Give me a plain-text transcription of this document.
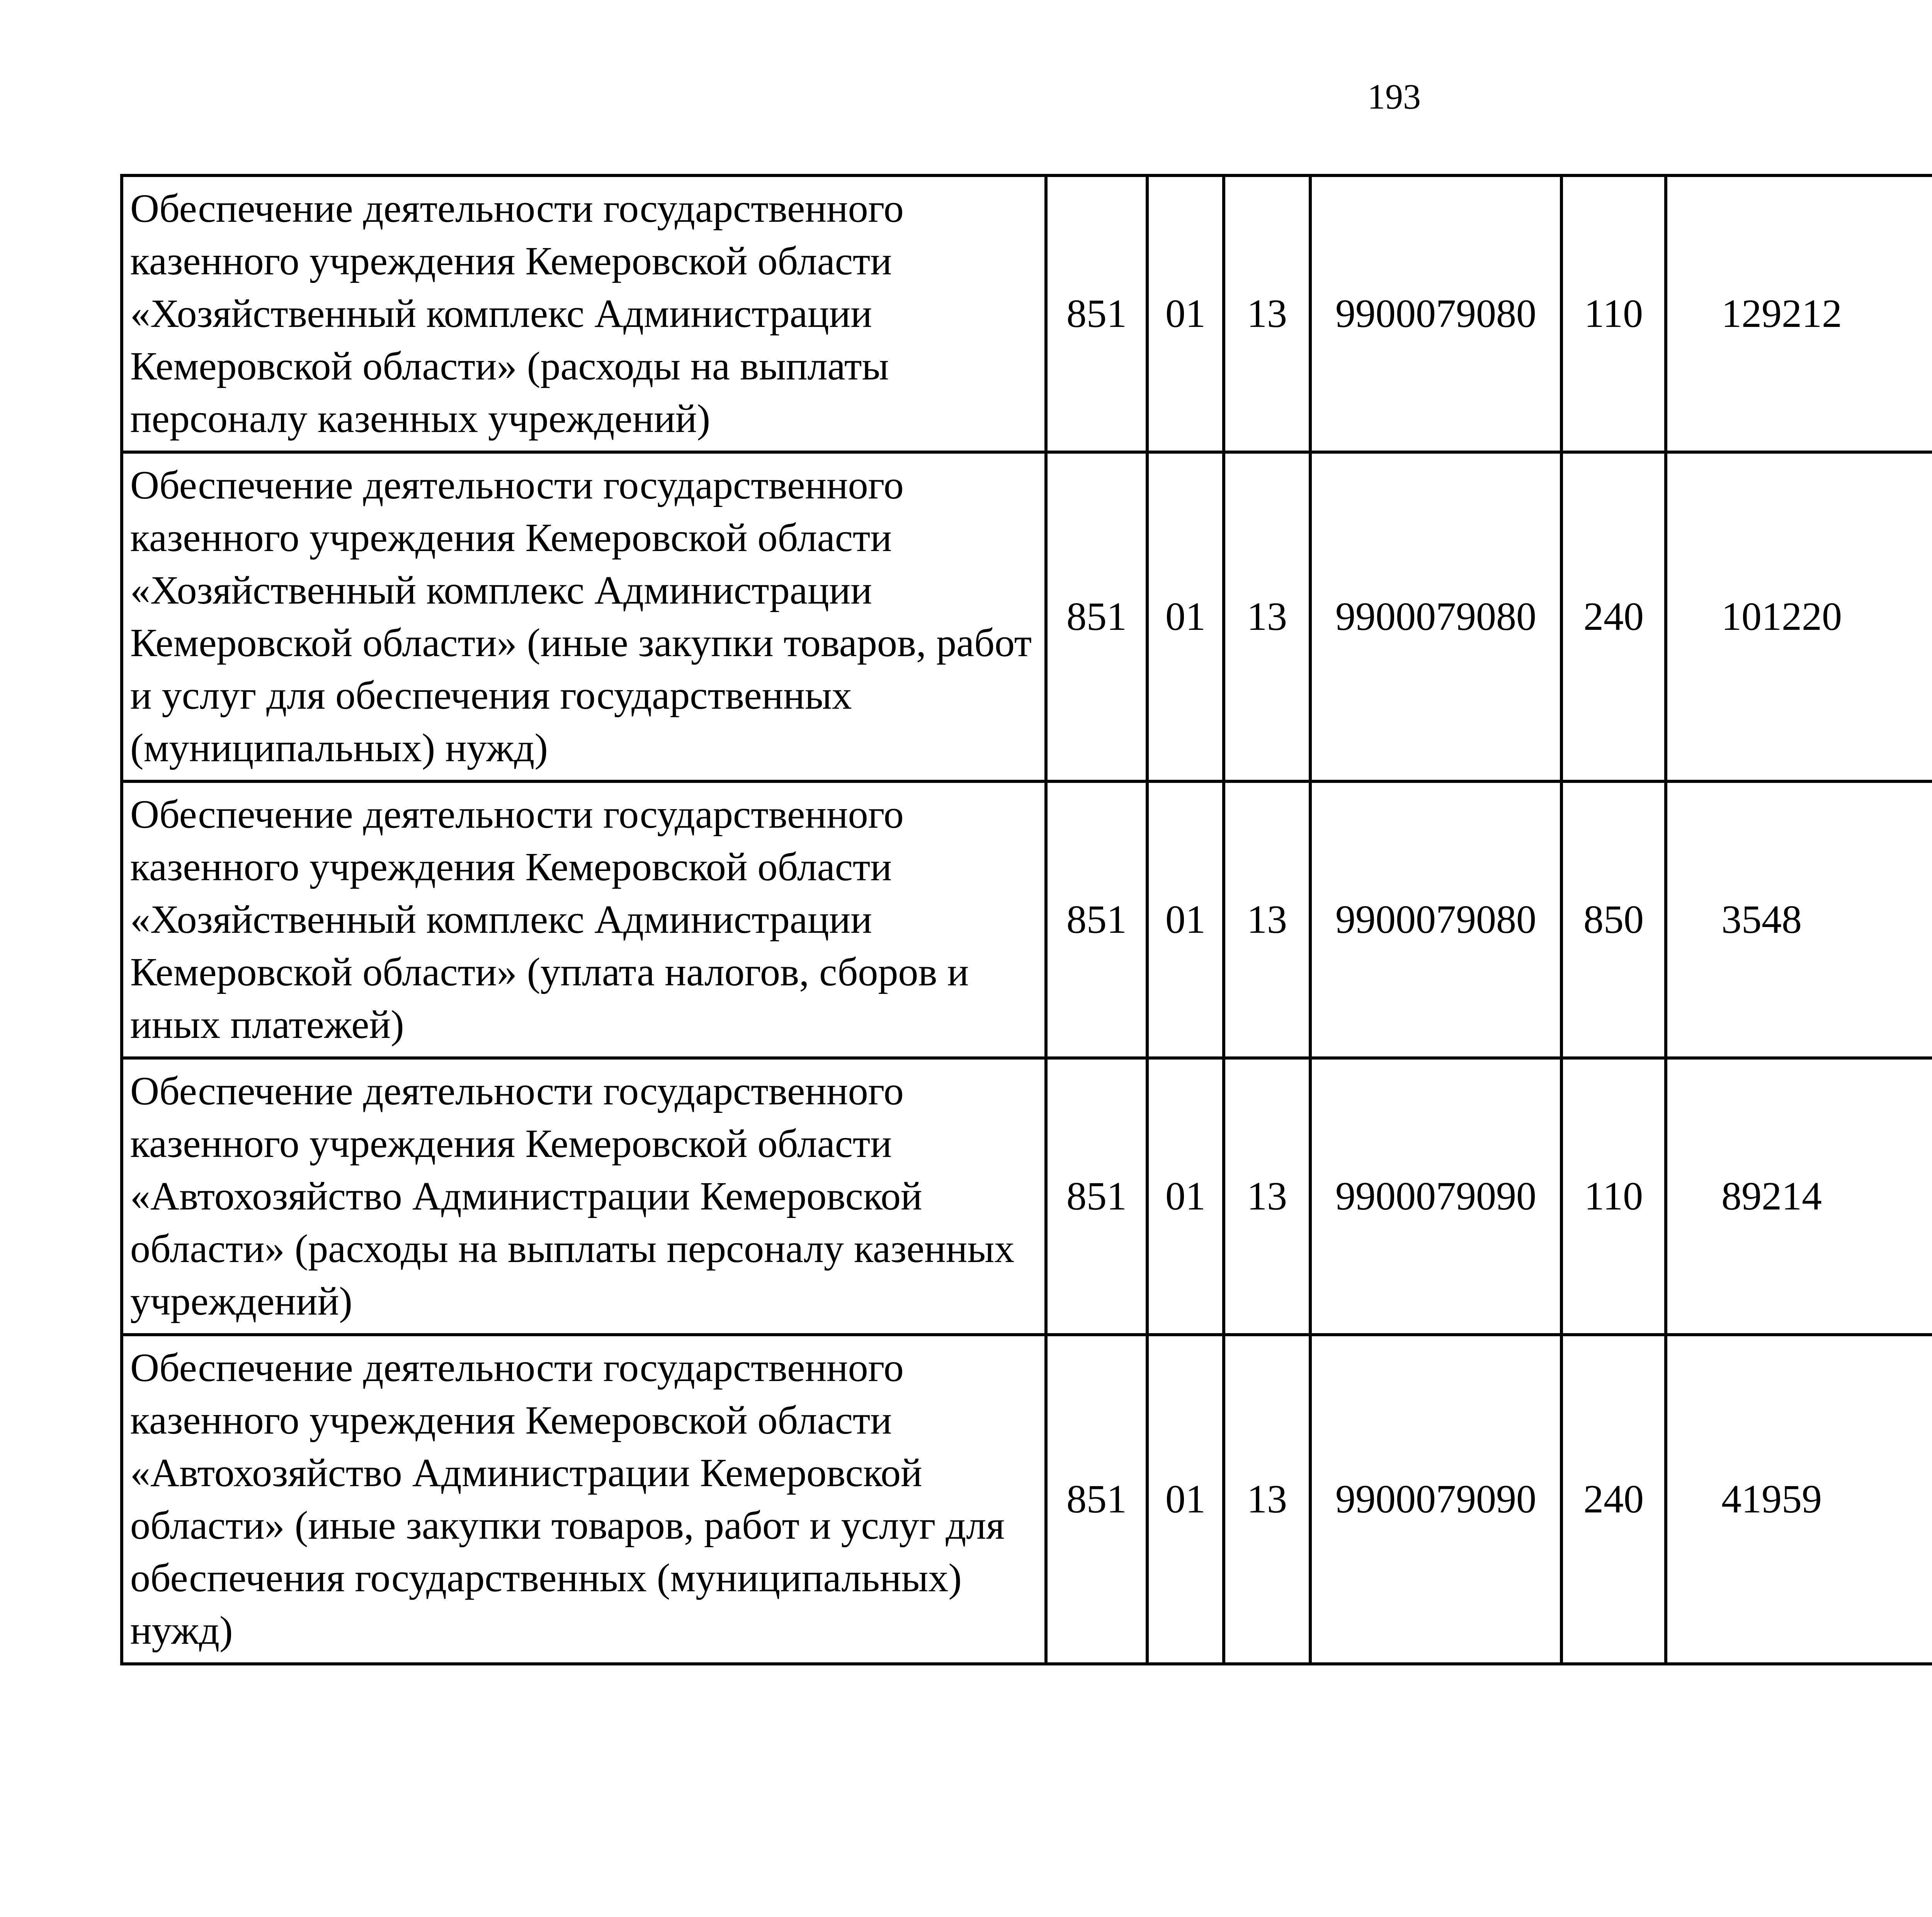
193
Обеспечение деятельности государственного казенного учреждения Кемеровской области «Хозяйственный комплекс Администрации Кемеровской области» (расходы на выплаты персоналу казенных учреждений)	851	01	13	9900079080	110	129212		
Обеспечение деятельности государственного казенного учреждения Кемеровской области «Хозяйственный комплекс Администрации Кемеровской области» (иные закупки товаров, работ и услуг для обеспечения государственных (муниципальных) нужд)	851	01	13	9900079080	240	101220		
Обеспечение деятельности государственного казенного учреждения Кемеровской области «Хозяйственный комплекс Администрации Кемеровской области» (уплата налогов, сборов и иных платежей)	851	01	13	9900079080	850	3548		
Обеспечение деятельности государственного казенного учреждения Кемеровской области «Автохозяйство Администрации Кемеровской области» (расходы на выплаты персоналу казенных учреждений)	851	01	13	9900079090	110	89214		
Обеспечение деятельности государственного казенного учреждения Кемеровской области «Автохозяйство Администрации Кемеровской области» (иные закупки товаров, работ и услуг для обеспечения государственных (муниципальных) нужд)	851	01	13	9900079090	240	41959		
